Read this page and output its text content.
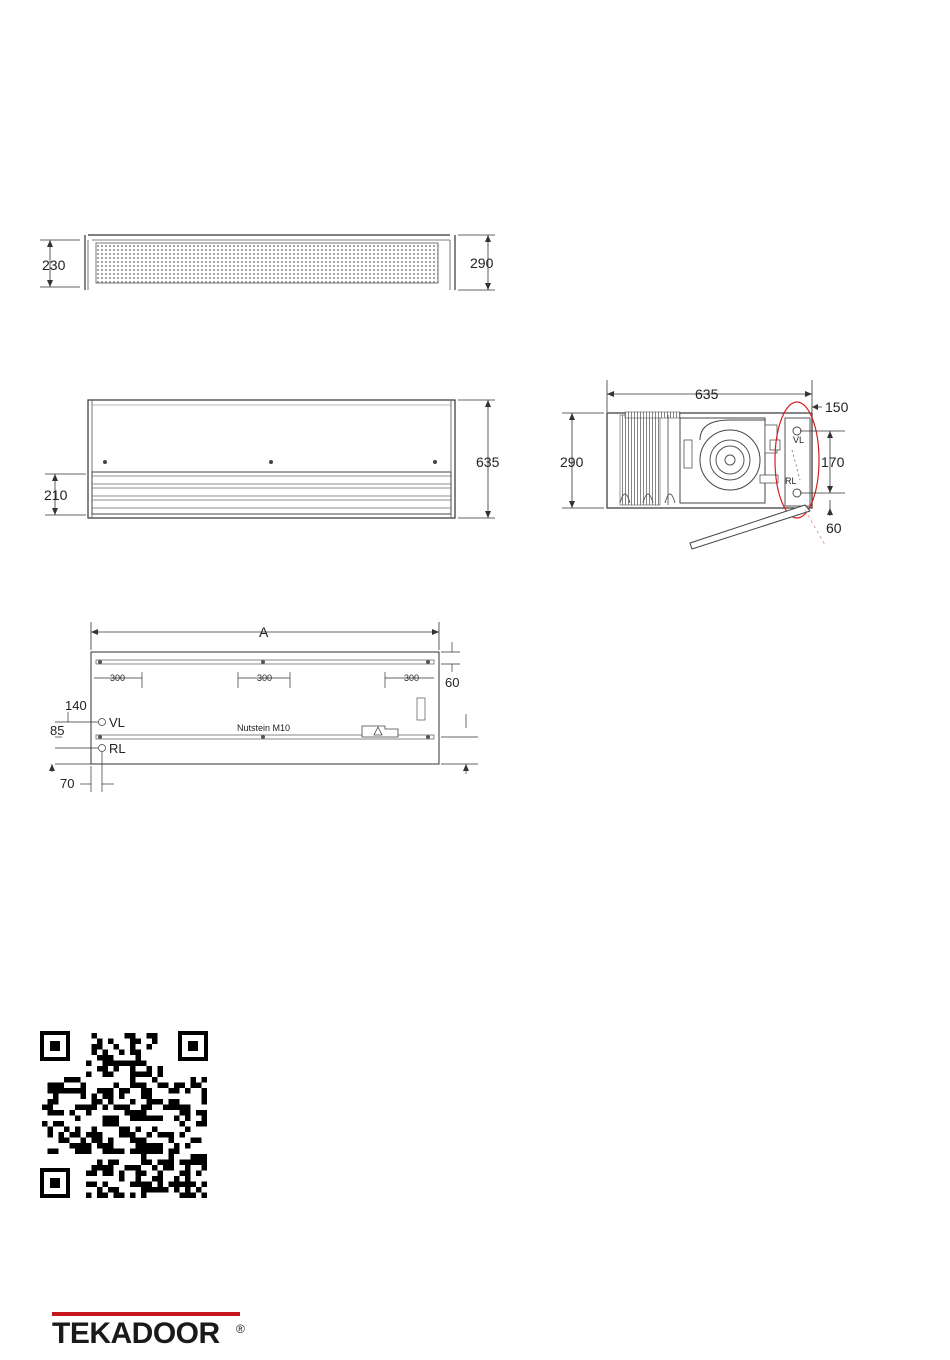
230	290
210
635
635
290
150
170
60
VL
RL
A
300	300	300 60
140
85
70
VL
RL
Nutstein M10
TEKADOOR ®
